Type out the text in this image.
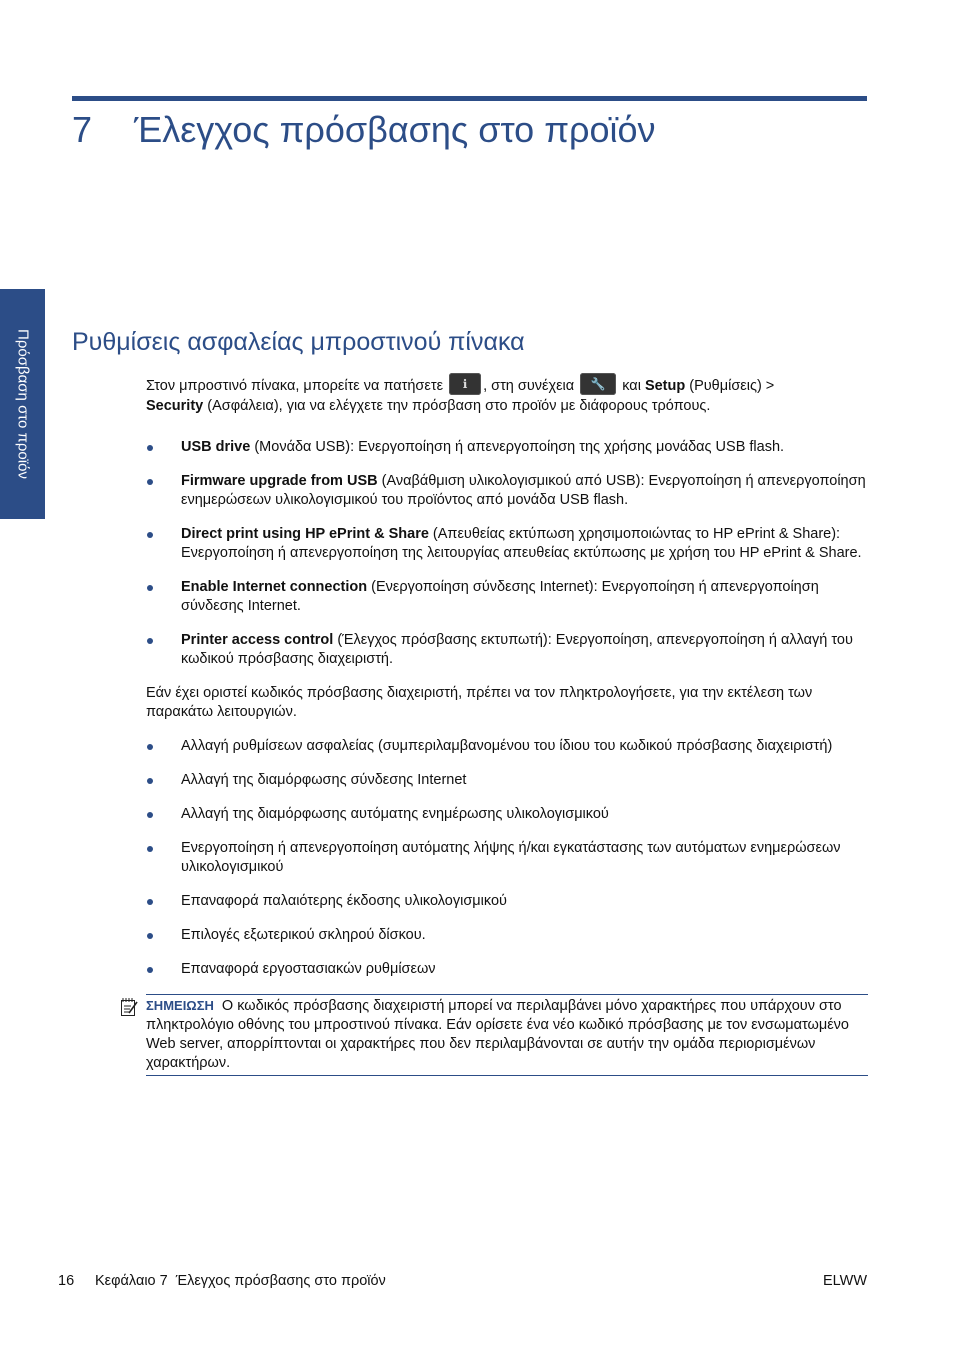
7 Έλεγχος πρόσβασης στο προϊόν
Πρόσβαση στο προϊόν Ρυθμίσεις ασφαλείας μπροστινού πίνακα

Στον μπροστινό πίνακα, μπορείτε να πατήσετε	ℹ	, στη συνέχεια	🔧 και Setup (Ρυθμίσεις) >
Security (Ασφάλεια), για να ελέγχετε την πρόσβαση στο προϊόν με διάφορους τρόπους.

USB drive (Μονάδα USB): Ενεργοποίηση ή απενεργοποίηση της χρήσης μονάδας USB flash.
Firmware upgrade from USB (Αναβάθμιση υλικολογισμικού από USB): Ενεργοποίηση ή απενεργοποίηση ενημερώσεων υλικολογισμικού του προϊόντος από μονάδα USB flash.
Direct print using HP ePrint & Share (Απευθείας εκτύπωση χρησιμοποιώντας το HP ePrint & Share): Ενεργοποίηση ή απενεργοποίηση της λειτουργίας απευθείας εκτύπωσης με χρήση του HP ePrint & Share.
Enable Internet connection (Ενεργοποίηση σύνδεσης Internet): Ενεργοποίηση ή απενεργοποίηση σύνδεσης Internet.
Printer access control (Έλεγχος πρόσβασης εκτυπωτή): Ενεργοποίηση, απενεργοποίηση ή αλλαγή του κωδικού πρόσβασης διαχειριστή.

Εάν έχει οριστεί κωδικός πρόσβασης διαχειριστή, πρέπει να τον πληκτρολογήσετε, για την εκτέλεση των παρακάτω λειτουργιών.

Αλλαγή ρυθμίσεων ασφαλείας (συμπεριλαμβανομένου του ίδιου του κωδικού πρόσβασης διαχειριστή)
Αλλαγή της διαμόρφωσης σύνδεσης Internet
Αλλαγή της διαμόρφωσης αυτόματης ενημέρωσης υλικολογισμικού
Ενεργοποίηση ή απενεργοποίηση αυτόματης λήψης ή/και εγκατάστασης των αυτόματων ενημερώσεων υλικολογισμικού
Επαναφορά παλαιότερης έκδοσης υλικολογισμικού
Επιλογές εξωτερικού σκληρού δίσκου.
Επαναφορά εργοστασιακών ρυθμίσεων
ΣΗΜΕΙΩΣΗ Ο κωδικός πρόσβασης διαχειριστή μπορεί να περιλαμβάνει μόνο χαρακτήρες που υπάρχουν στο πληκτρολόγιο οθόνης του μπροστινού πίνακα. Εάν ορίσετε ένα νέο κωδικό πρόσβασης με τον ενσωματωμένο Web server, απορρίπτονται οι χαρακτήρες που δεν περιλαμβάνονται σε αυτήν την ομάδα περιορισμένων χαρακτήρων.
16 Κεφάλαιο 7 Έλεγχος πρόσβασης στο προϊόν	ELWW
